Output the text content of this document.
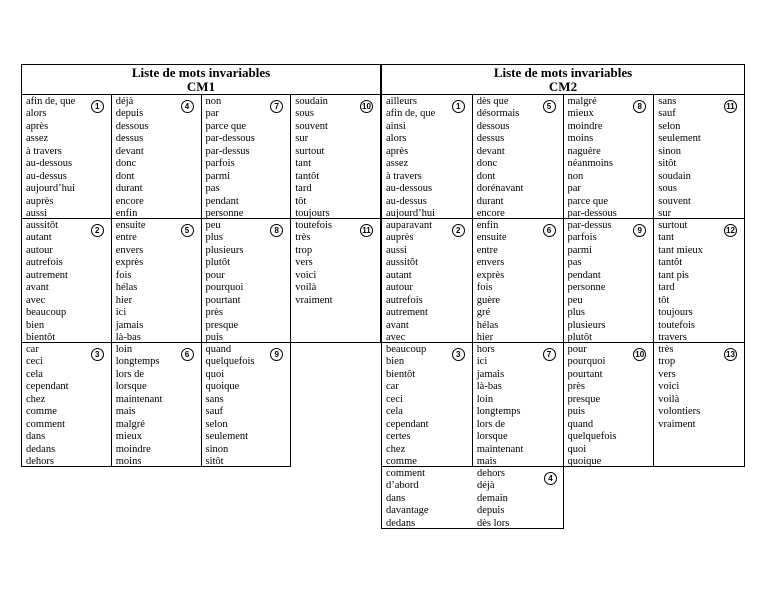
Liste de mots invariables
CM1
1
afin de, que
alors
après
assez
à travers
au-dessous
au-dessus
aujourd’hui
auprès
aussi
4
déjà
depuis
dessous
dessus
devant
donc
dont
durant
encore
enfin
7
non
par
parce que
par-dessous
par-dessus
parfois
parmi
pas
pendant
personne
10
soudain
sous
souvent
sur
surtout
tant
tantôt
tard
tôt
toujours
2
aussitôt
autant
autour
autrefois
autrement
avant
avec
beaucoup
bien
bientôt
5
ensuite
entre
envers
exprès
fois
hélas
hier
ici
jamais
là-bas
8
peu
plus
plusieurs
plutôt
pour
pourquoi
pourtant
près
presque
puis
11
toutefois
très
trop
vers
voici
voilà
vraiment
3
car
ceci
cela
cependant
chez
comme
comment
dans
dedans
dehors
6
loin
longtemps
lors de
lorsque
maintenant
mais
malgré
mieux
moindre
moins
9
quand
quelquefois
quoi
quoique
sans
sauf
selon
seulement
sinon
sitôt
Liste de mots invariables
CM2
1
ailleurs
afin de, que
ainsi
alors
après
assez
à travers
au-dessous
au-dessus
aujourd’hui
5
dès que
désormais
dessous
dessus
devant
donc
dont
dorénavant
durant
encore
8
malgré
mieux
moindre
moins
naguère
néanmoins
non
par
parce que
par-dessous
11
sans
sauf
selon
seulement
sinon
sitôt
soudain
sous
souvent
sur
2
auparavant
auprès
aussi
aussitôt
autant
autour
autrefois
autrement
avant
avec
6
enfin
ensuite
entre
envers
exprès
fois
guère
gré
hélas
hier
9
par-dessus
parfois
parmi
pas
pendant
personne
peu
plus
plusieurs
plutôt
12
surtout
tant
tant mieux
tantôt
tant pis
tard
tôt
toujours
toutefois
travers
3
beaucoup
bien
bientôt
car
ceci
cela
cependant
certes
chez
comme
7
hors
ici
jamais
là-bas
loin
longtemps
lors de
lorsque
maintenant
mais
10
pour
pourquoi
pourtant
près
presque
puis
quand
quelquefois
quoi
quoique
13
très
trop
vers
voici
voilà
volontiers
vraiment
4
comment
d’abord
dans
davantage
dedans
dehors
déjà
demain
depuis
dès lors
